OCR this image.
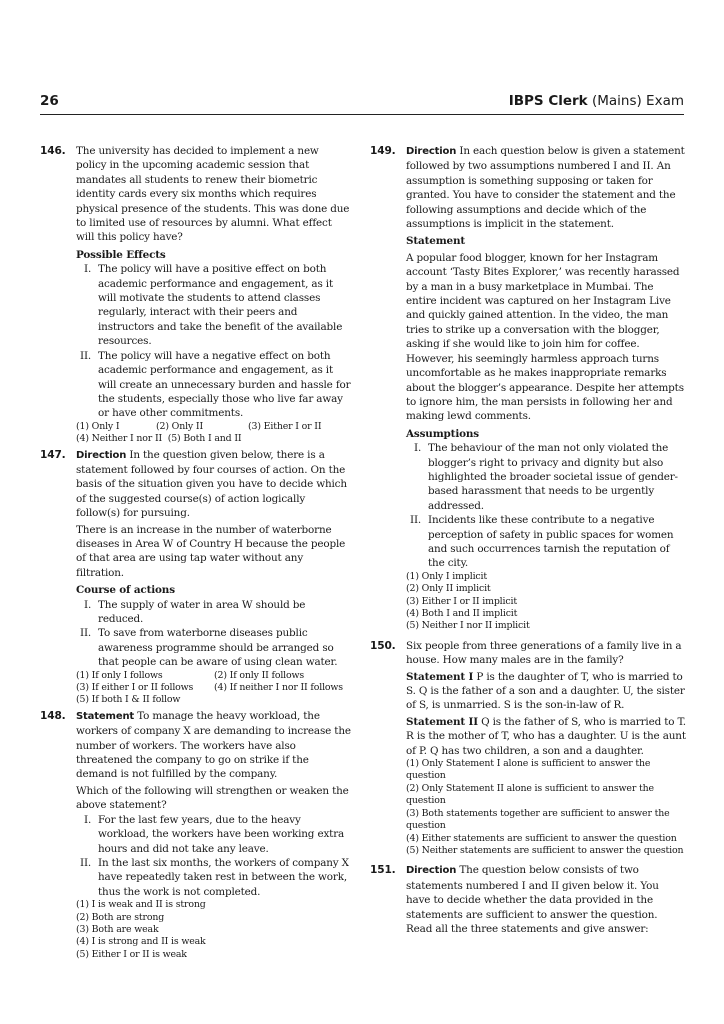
26	IBPS Clerk (Mains) Exam
146. The university has decided to implement a new policy in the upcoming academic session that mandates all students to renew their biometric identity cards every six months which requires physical presence of the students. This was done due to limited use of resources by alumni. What effect will this policy have?

Possible Effects

I. The policy will have a positive effect on both academic performance and engagement, as it will motivate the students to attend classes regularly, interact with their peers and instructors and take the benefit of the available resources.
II. The policy will have a negative effect on both academic performance and engagement, as it will create an unnecessary burden and hassle for the students, especially those who live far away or have other commitments.
(1) Only I	(2) Only II	(3) Either I or II
(4) Neither I nor II
(5) Both I and II
147. Direction In the question given below, there is a statement followed by four courses of action. On the basis of the situation given you have to decide which of the suggested course(s) of action logically follow(s) for pursuing.

There is an increase in the number of waterborne diseases in Area W of Country H because the people of that area are using tap water without any filtration.

Course of actions

I. The supply of water in area W should be reduced.
II. To save from waterborne diseases public awareness programme should be arranged so that people can be aware of using clean water.
(1) If only I follows	(2) If only II follows
(3) If either I or II follows	(4) If neither I nor II follows
(5) If both I & II follow
148. Statement To manage the heavy workload, the workers of company X are demanding to increase the number of workers. The workers have also threatened the company to go on strike if the demand is not fulfilled by the company.

Which of the following will strengthen or weaken the above statement?

I. For the last few years, due to the heavy workload, the workers have been working extra hours and did not take any leave.
II. In the last six months, the workers of company X have repeatedly taken rest in between the work, thus the work is not completed.
(1) I is weak and II is strong
(2) Both are strong
(3) Both are weak
(4) I is strong and II is weak
(5) Either I or II is weak
149. Direction In each question below is given a statement followed by two assumptions numbered I and II. An assumption is something supposing or taken for granted. You have to consider the statement and the following assumptions and decide which of the assumptions is implicit in the statement.

Statement

A popular food blogger, known for her Instagram account ‘Tasty Bites Explorer,’ was recently harassed by a man in a busy marketplace in Mumbai. The entire incident was captured on her Instagram Live and quickly gained attention. In the video, the man tries to strike up a conversation with the blogger, asking if she would like to join him for coffee. However, his seemingly harmless approach turns uncomfortable as he makes inappropriate remarks about the blogger’s appearance. Despite her attempts to ignore him, the man persists in following her and making lewd comments.

Assumptions

I. The behaviour of the man not only violated the blogger’s right to privacy and dignity but also highlighted the broader societal issue of gender-based harassment that needs to be urgently addressed.
II. Incidents like these contribute to a negative perception of safety in public spaces for women and such occurrences tarnish the reputation of the city.
(1) Only I implicit
(2) Only II implicit
(3) Either I or II implicit
(4) Both I and II implicit
(5) Neither I nor II implicit
150. Six people from three generations of a family live in a house. How many males are in the family?

Statement I P is the daughter of T, who is married to S. Q is the father of a son and a daughter. U, the sister of S, is unmarried. S is the son-in-law of R.

Statement II Q is the father of S, who is married to T. R is the mother of T, who has a daughter. U is the aunt of P. Q has two children, a son and a daughter.

(1) Only Statement I alone is sufficient to answer the question
(2) Only Statement II alone is sufficient to answer the question
(3) Both statements together are sufficient to answer the question
(4) Either statements are sufficient to answer the question
(5) Neither statements are sufficient to answer the question
151. Direction The question below consists of two statements numbered I and II given below it. You have to decide whether the data provided in the statements are sufficient to answer the question. Read all the three statements and give answer:
